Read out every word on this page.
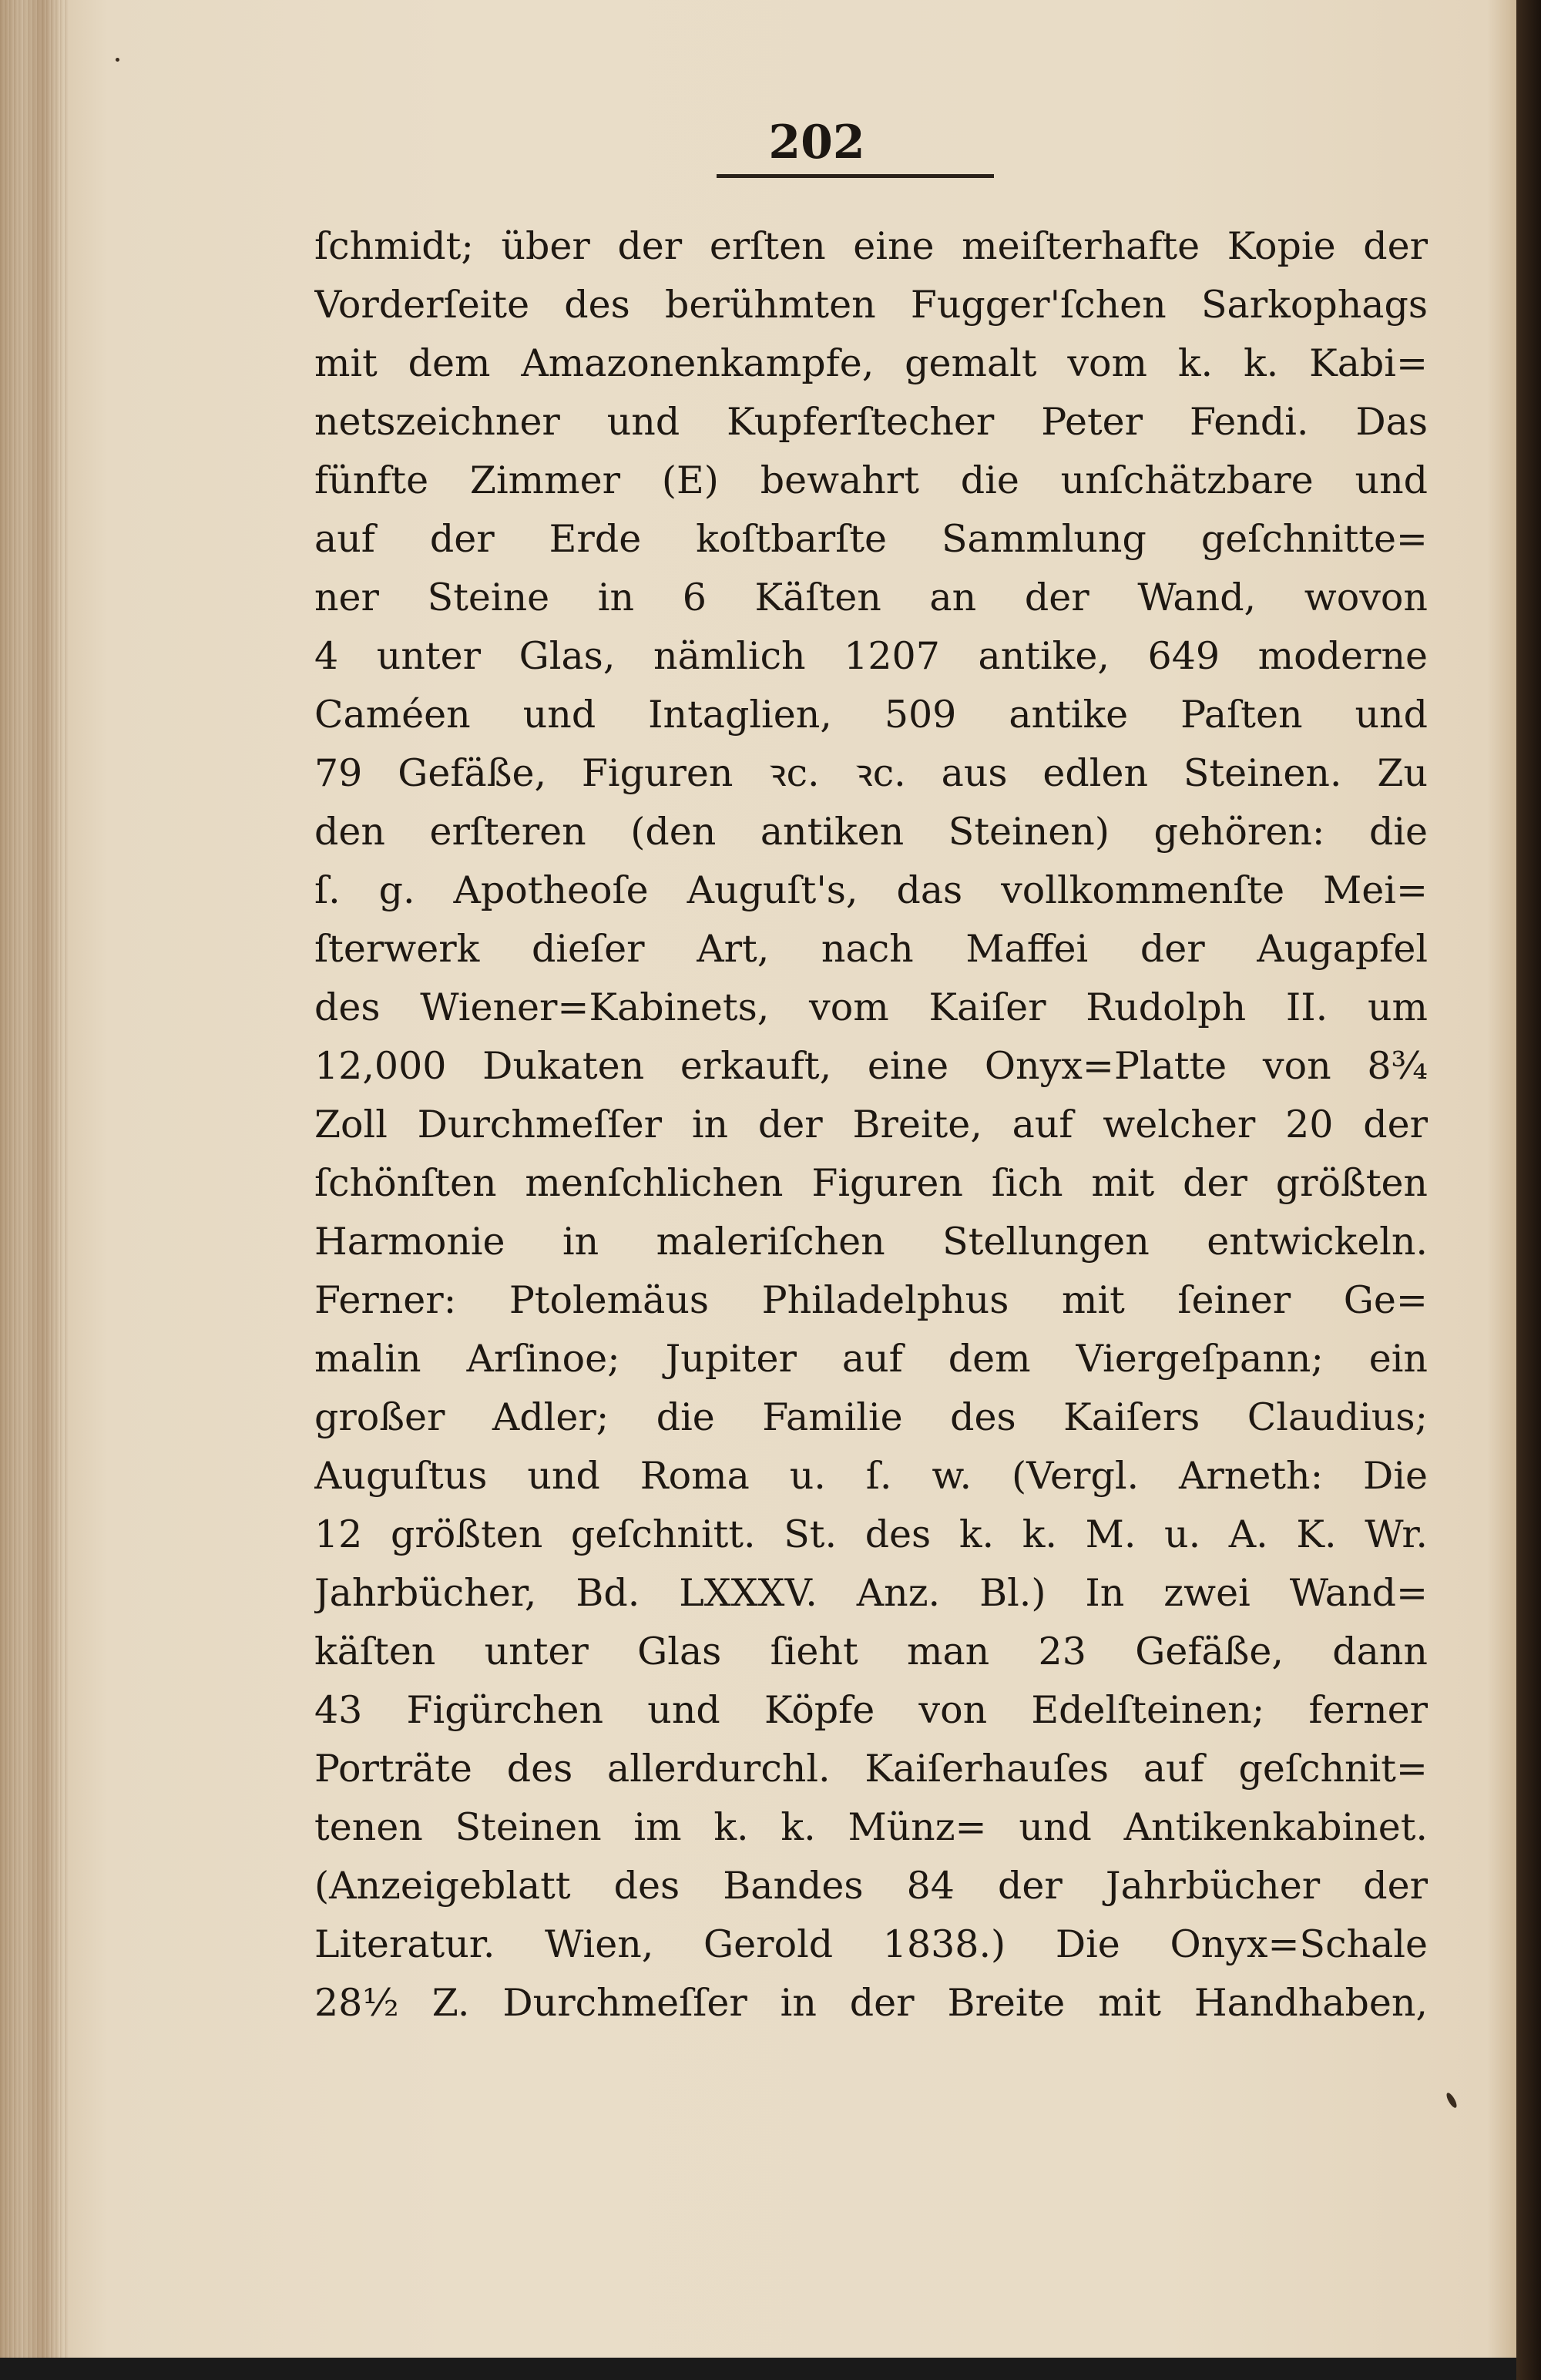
202
ſchmidt; über der erſten eine meiſterhafte Kopie der
Vorderſeite des berühmten Fugger'ſchen Sarkophags
mit dem Amazonenkampfe, gemalt vom k. k. Kabi=
netszeichner und Kupferſtecher Peter Fendi. Das
fünfte Zimmer (E) bewahrt die unſchätzbare und
auf der Erde koſtbarſte Sammlung geſchnitte=
ner Steine in 6 Käſten an der Wand, wovon
4 unter Glas, nämlich 1207 antike, 649 moderne
Caméen und Intaglien, 509 antike Paſten und
79 Gefäße, Figuren ꝛc. ꝛc. aus edlen Steinen. Zu
den erſteren (den antiken Steinen) gehören: die
ſ. g. Apotheoſe Auguſt's, das vollkommenſte Mei=
ſterwerk dieſer Art, nach Maffei der Augapfel
des Wiener=Kabinets, vom Kaiſer Rudolph II. um
12,000 Dukaten erkauft, eine Onyx=Platte von 8³⁄₄
Zoll Durchmeſſer in der Breite, auf welcher 20 der
ſchönſten menſchlichen Figuren ſich mit der größten
Harmonie in maleriſchen Stellungen entwickeln.
Ferner: Ptolemäus Philadelphus mit ſeiner Ge=
malin Arſinoe; Jupiter auf dem Viergeſpann; ein
großer Adler; die Familie des Kaiſers Claudius;
Auguſtus und Roma u. ſ. w. (Vergl. Arneth: Die
12 größten geſchnitt. St. des k. k. M. u. A. K. Wr.
Jahrbücher, Bd. LXXXV. Anz. Bl.) In zwei Wand=
käſten unter Glas ſieht man 23 Gefäße, dann
43 Figürchen und Köpfe von Edelſteinen; ferner
Porträte des allerdurchl. Kaiſerhauſes auf geſchnit=
tenen Steinen im k. k. Münz= und Antikenkabinet.
(Anzeigeblatt des Bandes 84 der Jahrbücher der
Literatur. Wien, Gerold 1838.) Die Onyx=Schale
28¹⁄₂ Z. Durchmeſſer in der Breite mit Handhaben,
